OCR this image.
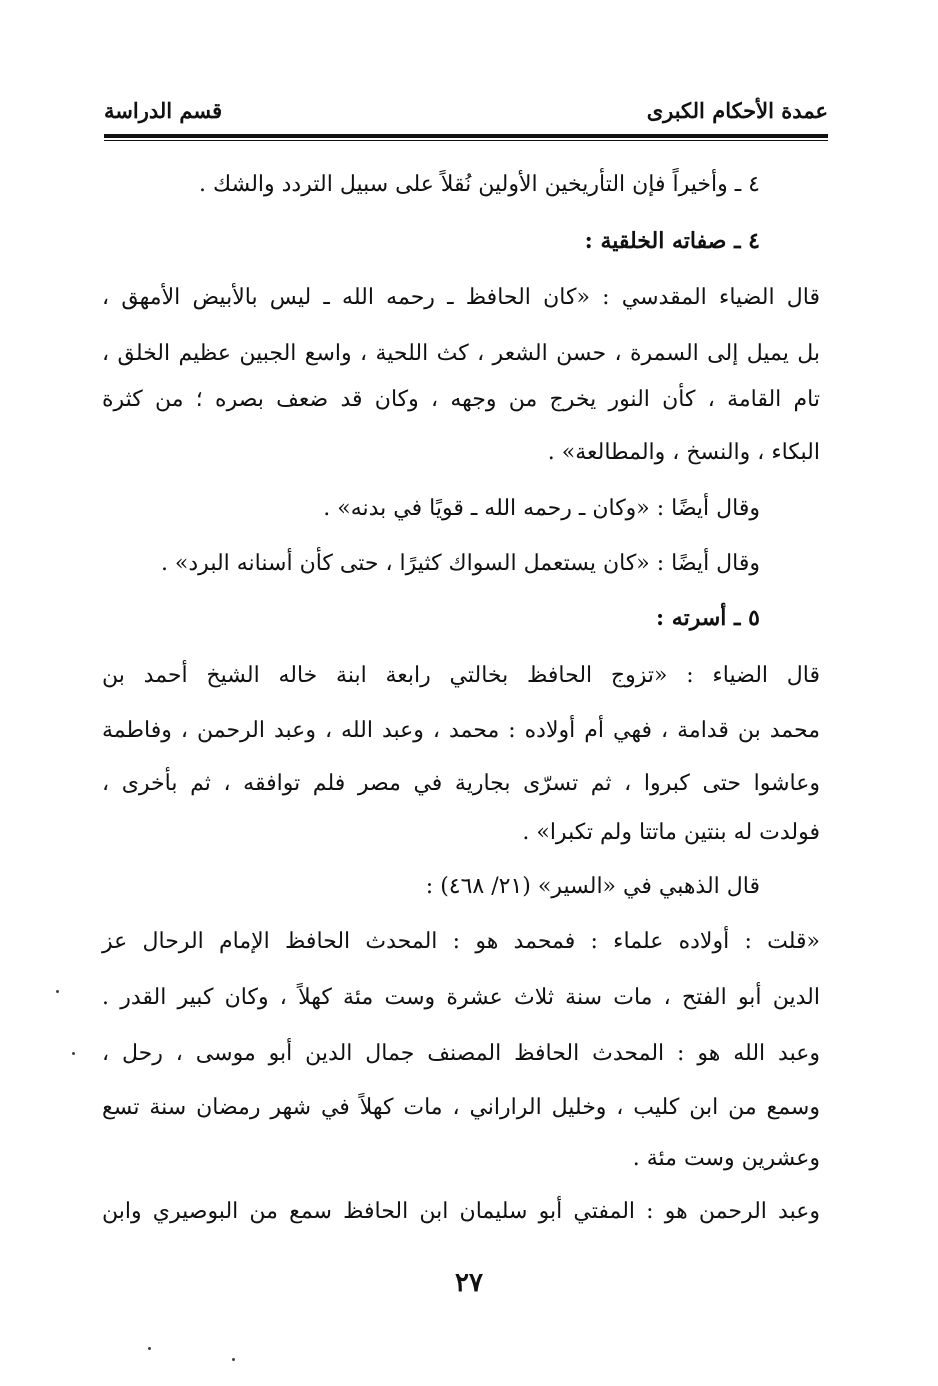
عمدة الأحكام الكبرى
قسم الدراسة
٤ ـ وأخيراً فإن التأريخين الأولين نُقلاً على سبيل التردد والشك .
٤ ـ صفاته الخلقية :
قال الضياء المقدسي : «كان الحافظ ـ رحمه الله ـ ليس بالأبيض الأمهق ،
بل يميل إلى السمرة ، حسن الشعر ، كث اللحية ، واسع الجبين عظيم الخلق ،
تام القامة ، كأن النور يخرج من وجهه ، وكان قد ضعف بصره ؛ من كثرة
البكاء ، والنسخ ، والمطالعة» .
وقال أيضًا : «وكان ـ رحمه الله ـ قويًا في بدنه» .
وقال أيضًا : «كان يستعمل السواك كثيرًا ، حتى كأن أسنانه البرد» .
٥ ـ أسرته :
قال الضياء : «تزوج الحافظ بخالتي رابعة ابنة خاله الشيخ أحمد بن
محمد بن قدامة ، فهي أم أولاده : محمد ، وعبد الله ، وعبد الرحمن ، وفاطمة
وعاشوا حتى كبروا ، ثم تسرّى بجارية في مصر فلم توافقه ، ثم بأخرى ،
فولدت له بنتين ماتتا ولم تكبرا» .
قال الذهبي في «السير» (٢١/ ٤٦٨) :
«قلت : أولاده علماء : فمحمد هو : المحدث الحافظ الإمام الرحال عز
الدين أبو الفتح ، مات سنة ثلاث عشرة وست مئة كهلاً ، وكان كبير القدر .
وعبد الله هو : المحدث الحافظ المصنف جمال الدين أبو موسى ، رحل ،
وسمع من ابن كليب ، وخليل الراراني ، مات كهلاً في شهر رمضان سنة تسع
وعشرين وست مئة .
وعبد الرحمن هو : المفتي أبو سليمان ابن الحافظ سمع من البوصيري وابن
٢٧
